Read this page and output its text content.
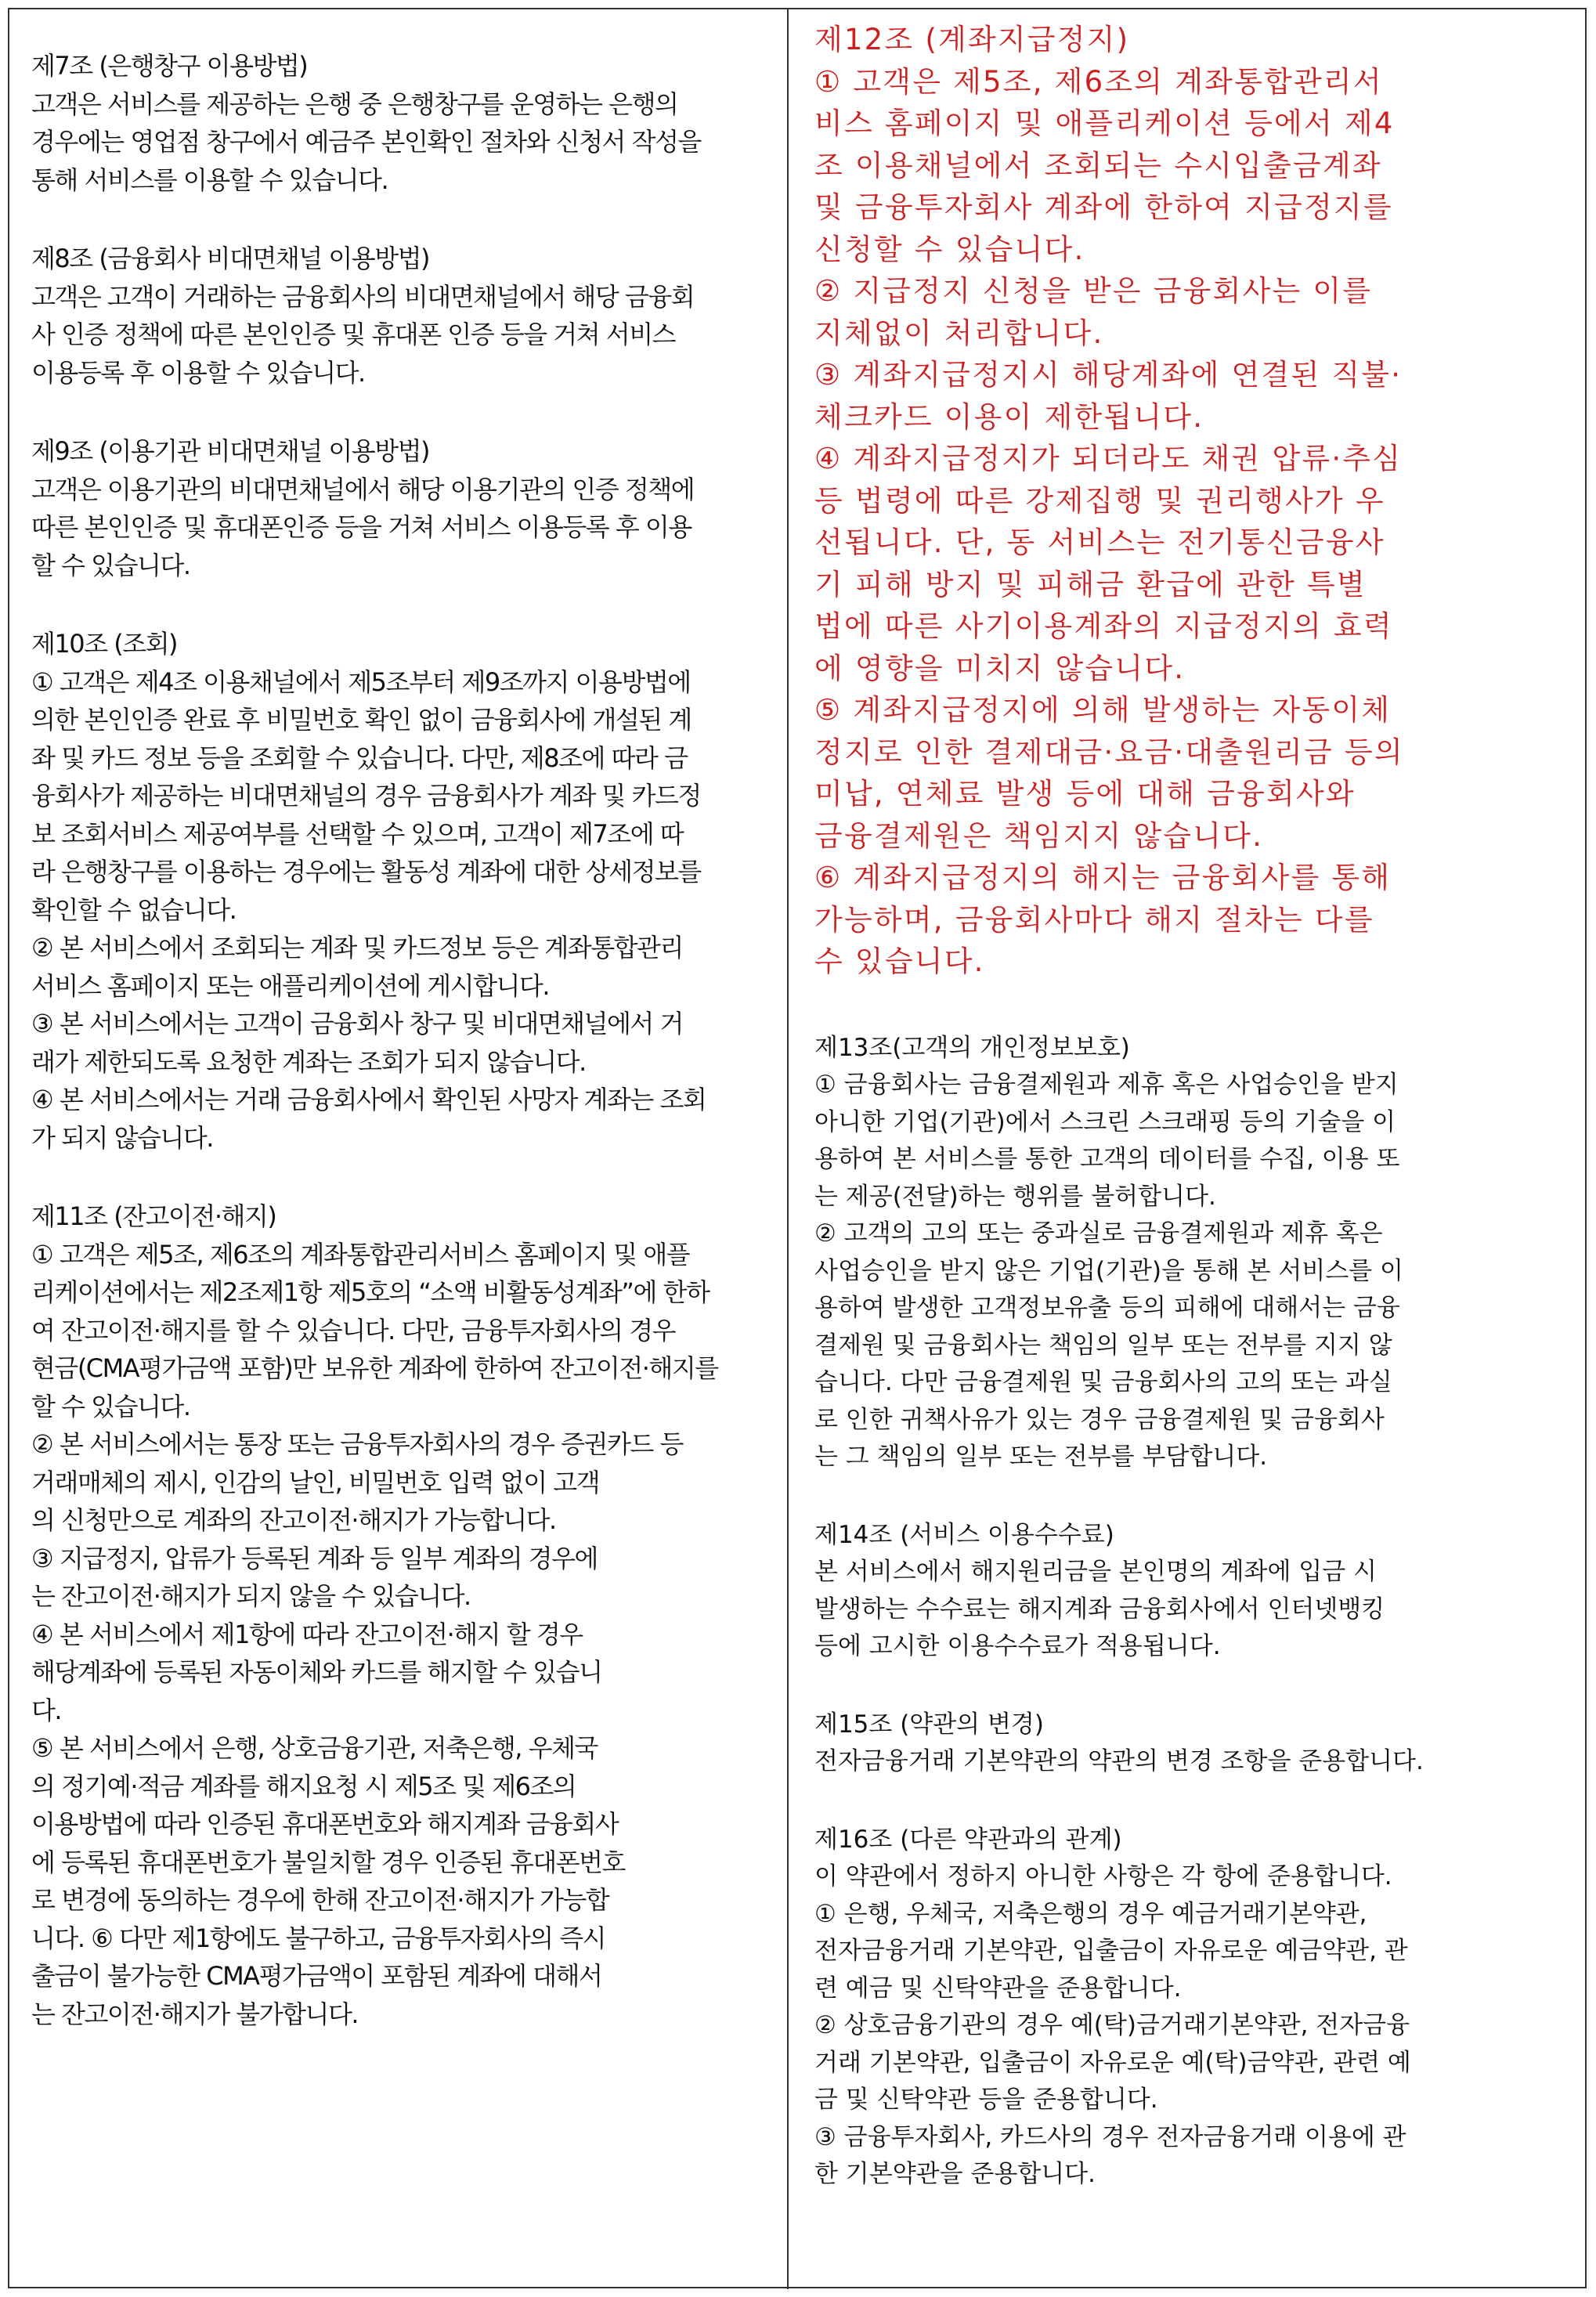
제7조 (은행창구 이용방법)
고객은 서비스를 제공하는 은행 중 은행창구를 운영하는 은행의
경우에는 영업점 창구에서 예금주 본인확인 절차와 신청서 작성을
통해 서비스를 이용할 수 있습니다.
제8조 (금융회사 비대면채널 이용방법)
고객은 고객이 거래하는 금융회사의 비대면채널에서 해당 금융회
사 인증 정책에 따른 본인인증 및 휴대폰 인증 등을 거쳐 서비스
이용등록 후 이용할 수 있습니다.
제9조 (이용기관 비대면채널 이용방법)
고객은 이용기관의 비대면채널에서 해당 이용기관의 인증 정책에
따른 본인인증 및 휴대폰인증 등을 거쳐 서비스 이용등록 후 이용
할 수 있습니다.
제10조 (조회)
① 고객은 제4조 이용채널에서 제5조부터 제9조까지 이용방법에
의한 본인인증 완료 후 비밀번호 확인 없이 금융회사에 개설된 계
좌 및 카드 정보 등을 조회할 수 있습니다. 다만, 제8조에 따라 금
융회사가 제공하는 비대면채널의 경우 금융회사가 계좌 및 카드정
보 조회서비스 제공여부를 선택할 수 있으며, 고객이 제7조에 따
라 은행창구를 이용하는 경우에는 활동성 계좌에 대한 상세정보를
확인할 수 없습니다.
② 본 서비스에서 조회되는 계좌 및 카드정보 등은 계좌통합관리
서비스 홈페이지 또는 애플리케이션에 게시합니다.
③ 본 서비스에서는 고객이 금융회사 창구 및 비대면채널에서 거
래가 제한되도록 요청한 계좌는 조회가 되지 않습니다.
④ 본 서비스에서는 거래 금융회사에서 확인된 사망자 계좌는 조회
가 되지 않습니다.
제11조 (잔고이전·해지)
① 고객은 제5조, 제6조의 계좌통합관리서비스 홈페이지 및 애플
리케이션에서는 제2조제1항 제5호의 “소액 비활동성계좌”에 한하
여 잔고이전·해지를 할 수 있습니다. 다만, 금융투자회사의 경우
현금(CMA평가금액 포함)만 보유한 계좌에 한하여 잔고이전·해지를
할 수 있습니다.
② 본 서비스에서는 통장 또는 금융투자회사의 경우 증권카드 등
거래매체의 제시, 인감의 날인, 비밀번호 입력 없이 고객
의 신청만으로 계좌의 잔고이전·해지가 가능합니다.
③ 지급정지, 압류가 등록된 계좌 등 일부 계좌의 경우에
는 잔고이전·해지가 되지 않을 수 있습니다.
④ 본 서비스에서 제1항에 따라 잔고이전·해지 할 경우
해당계좌에 등록된 자동이체와 카드를 해지할 수 있습니
다.
⑤ 본 서비스에서 은행, 상호금융기관, 저축은행, 우체국
의 정기예·적금 계좌를 해지요청 시 제5조 및 제6조의
이용방법에 따라 인증된 휴대폰번호와 해지계좌 금융회사
에 등록된 휴대폰번호가 불일치할 경우 인증된 휴대폰번호
로 변경에 동의하는 경우에 한해 잔고이전·해지가 가능합
니다. ⑥ 다만 제1항에도 불구하고, 금융투자회사의 즉시
출금이 불가능한 CMA평가금액이 포함된 계좌에 대해서
는 잔고이전·해지가 불가합니다.
제12조 (계좌지급정지)
① 고객은 제5조, 제6조의 계좌통합관리서
비스 홈페이지 및 애플리케이션 등에서 제4
조 이용채널에서 조회되는 수시입출금계좌
및 금융투자회사 계좌에 한하여 지급정지를
신청할 수 있습니다.
② 지급정지 신청을 받은 금융회사는 이를
지체없이 처리합니다.
③ 계좌지급정지시 해당계좌에 연결된 직불·
체크카드 이용이 제한됩니다.
④ 계좌지급정지가 되더라도 채권 압류·추심
등 법령에 따른 강제집행 및 권리행사가 우
선됩니다. 단, 동 서비스는 전기통신금융사
기 피해 방지 및 피해금 환급에 관한 특별
법에 따른 사기이용계좌의 지급정지의 효력
에 영향을 미치지 않습니다.
⑤ 계좌지급정지에 의해 발생하는 자동이체
정지로 인한 결제대금·요금·대출원리금 등의
미납, 연체료 발생 등에 대해 금융회사와
금융결제원은 책임지지 않습니다.
⑥ 계좌지급정지의 해지는 금융회사를 통해
가능하며, 금융회사마다 해지 절차는 다를
수 있습니다.
제13조(고객의 개인정보보호)
① 금융회사는 금융결제원과 제휴 혹은 사업승인을 받지
아니한 기업(기관)에서 스크린 스크래핑 등의 기술을 이
용하여 본 서비스를 통한 고객의 데이터를 수집, 이용 또
는 제공(전달)하는 행위를 불허합니다.
② 고객의 고의 또는 중과실로 금융결제원과 제휴 혹은
사업승인을 받지 않은 기업(기관)을 통해 본 서비스를 이
용하여 발생한 고객정보유출 등의 피해에 대해서는 금융
결제원 및 금융회사는 책임의 일부 또는 전부를 지지 않
습니다. 다만 금융결제원 및 금융회사의 고의 또는 과실
로 인한 귀책사유가 있는 경우 금융결제원 및 금융회사
는 그 책임의 일부 또는 전부를 부담합니다.
제14조 (서비스 이용수수료)
본 서비스에서 해지원리금을 본인명의 계좌에 입금 시
발생하는 수수료는 해지계좌 금융회사에서 인터넷뱅킹
등에 고시한 이용수수료가 적용됩니다.
제15조 (약관의 변경)
전자금융거래 기본약관의 약관의 변경 조항을 준용합니다.
제16조 (다른 약관과의 관계)
이 약관에서 정하지 아니한 사항은 각 항에 준용합니다.
① 은행, 우체국, 저축은행의 경우 예금거래기본약관,
전자금융거래 기본약관, 입출금이 자유로운 예금약관, 관
련 예금 및 신탁약관을 준용합니다.
② 상호금융기관의 경우 예(탁)금거래기본약관, 전자금융
거래 기본약관, 입출금이 자유로운 예(탁)금약관, 관련 예
금 및 신탁약관 등을 준용합니다.
③ 금융투자회사, 카드사의 경우 전자금융거래 이용에 관
한 기본약관을 준용합니다.
